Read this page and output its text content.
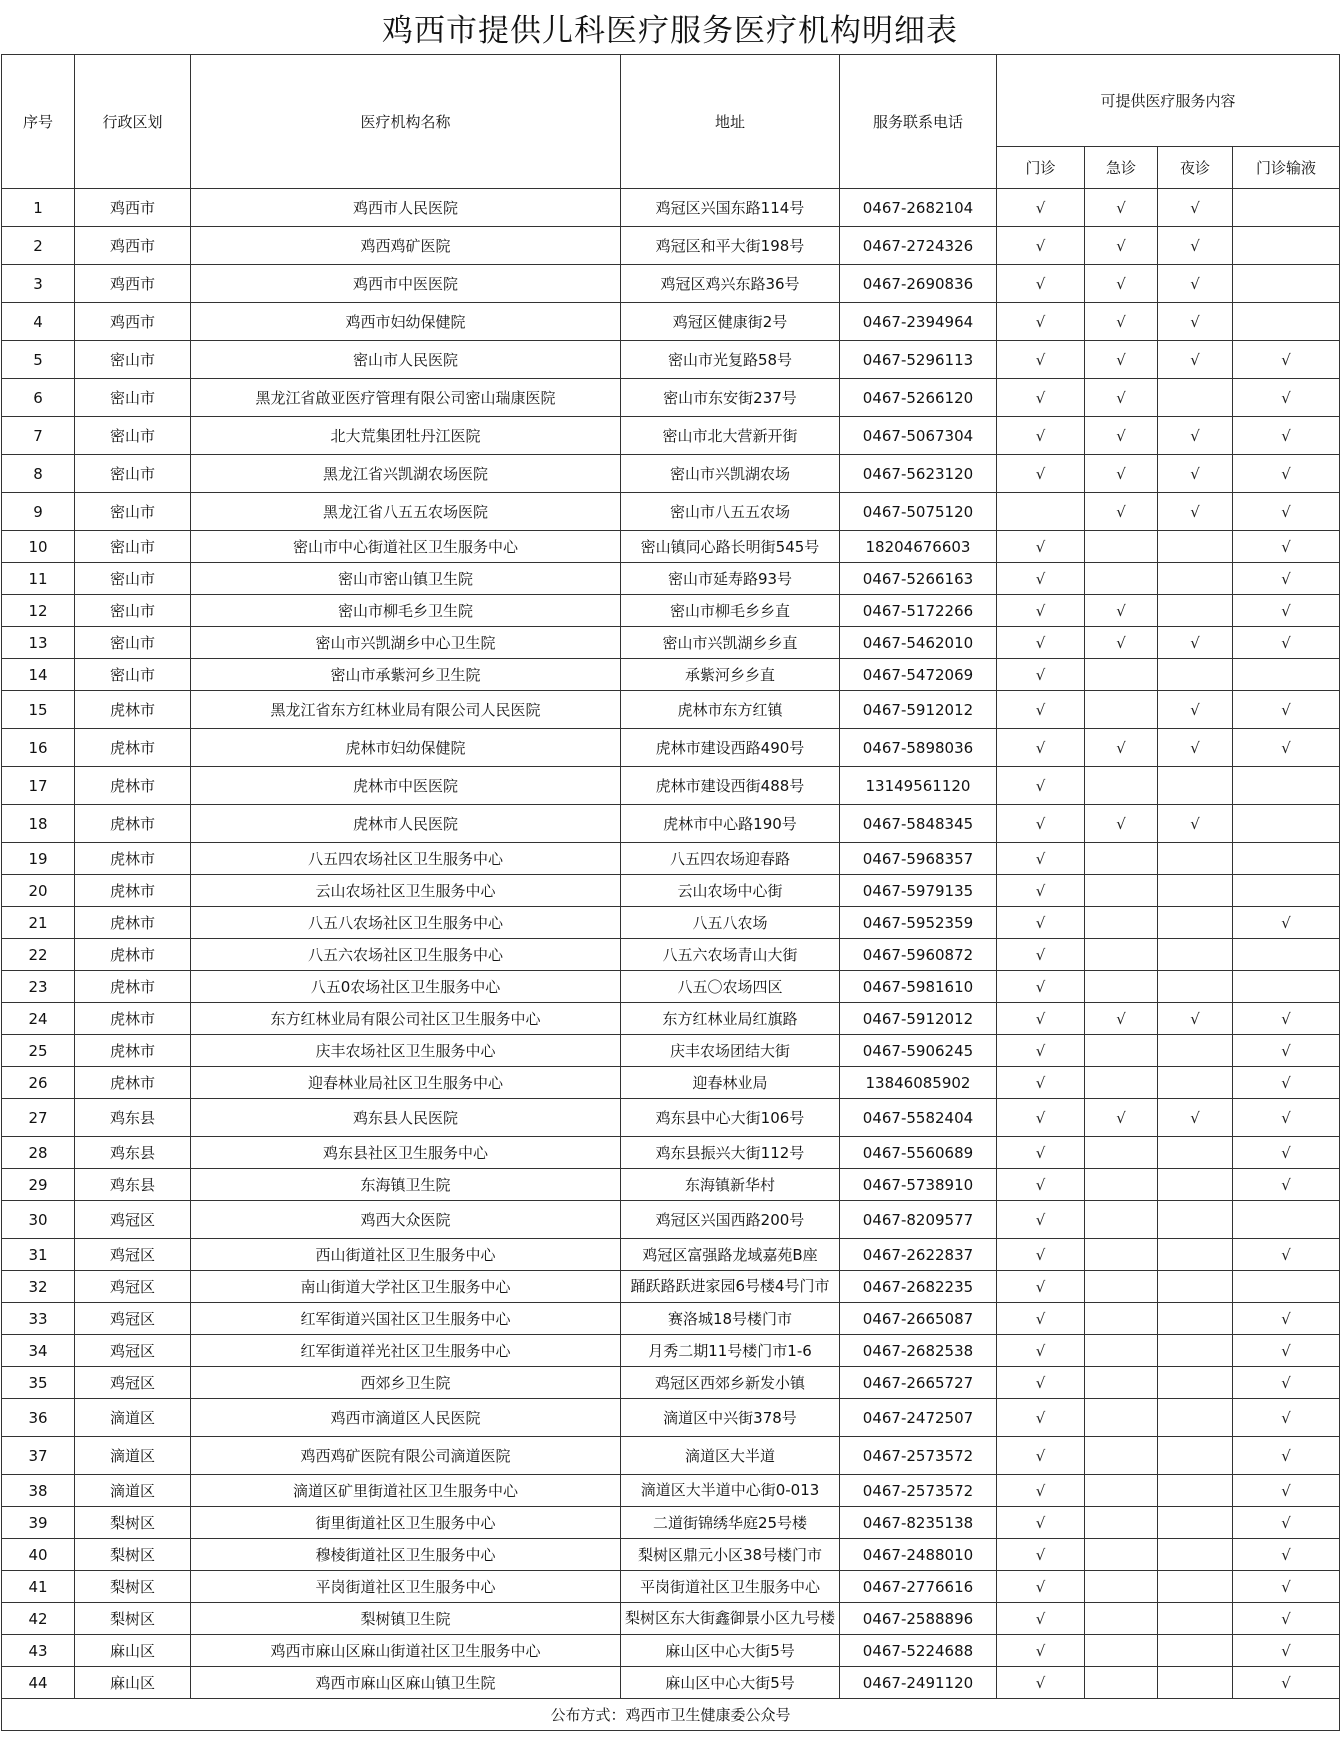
鸡西市提供儿科医疗服务医疗机构明细表
序号	行政区划	医疗机构名称	地址	服务联系电话	可提供医疗服务内容			
					门诊	急诊	夜诊	门诊输液
1	鸡西市	鸡西市人民医院	鸡冠区兴国东路114号	0467-2682104	√	√	√	
2	鸡西市	鸡西鸡矿医院	鸡冠区和平大街198号	0467-2724326	√	√	√	
3	鸡西市	鸡西市中医医院	鸡冠区鸡兴东路36号	0467-2690836	√	√	√	
4	鸡西市	鸡西市妇幼保健院	鸡冠区健康街2号	0467-2394964	√	√	√	
5	密山市	密山市人民医院	密山市光复路58号	0467-5296113	√	√	√	√
6	密山市	黑龙江省啟亚医疗管理有限公司密山瑞康医院	密山市东安街237号	0467-5266120	√	√		√
7	密山市	北大荒集团牡丹江医院	密山市北大营新开街	0467-5067304	√	√	√	√
8	密山市	黑龙江省兴凯湖农场医院	密山市兴凯湖农场	0467-5623120	√	√	√	√
9	密山市	黑龙江省八五五农场医院	密山市八五五农场	0467-5075120		√	√	√
10	密山市	密山市中心街道社区卫生服务中心	密山镇同心路长明街545号	18204676603	√			√
11	密山市	密山市密山镇卫生院	密山市延寿路93号	0467-5266163	√			√
12	密山市	密山市柳毛乡卫生院	密山市柳毛乡乡直	0467-5172266	√	√		√
13	密山市	密山市兴凯湖乡中心卫生院	密山市兴凯湖乡乡直	0467-5462010	√	√	√	√
14	密山市	密山市承紫河乡卫生院	承紫河乡乡直	0467-5472069	√			
15	虎林市	黑龙江省东方红林业局有限公司人民医院	虎林市东方红镇	0467-5912012	√		√	√
16	虎林市	虎林市妇幼保健院	虎林市建设西路490号	0467-5898036	√	√	√	√
17	虎林市	虎林市中医医院	虎林市建设西街488号	13149561120	√			
18	虎林市	虎林市人民医院	虎林市中心路190号	0467-5848345	√	√	√	
19	虎林市	八五四农场社区卫生服务中心	八五四农场迎春路	0467-5968357	√			
20	虎林市	云山农场社区卫生服务中心	云山农场中心街	0467-5979135	√			
21	虎林市	八五八农场社区卫生服务中心	八五八农场	0467-5952359	√			√
22	虎林市	八五六农场社区卫生服务中心	八五六农场青山大街	0467-5960872	√			
23	虎林市	八五0农场社区卫生服务中心	八五〇农场四区	0467-5981610	√			
24	虎林市	东方红林业局有限公司社区卫生服务中心	东方红林业局红旗路	0467-5912012	√	√	√	√
25	虎林市	庆丰农场社区卫生服务中心	庆丰农场团结大街	0467-5906245	√			√
26	虎林市	迎春林业局社区卫生服务中心	迎春林业局	13846085902	√			√
27	鸡东县	鸡东县人民医院	鸡东县中心大街106号	0467-5582404	√	√	√	√
28	鸡东县	鸡东县社区卫生服务中心	鸡东县振兴大街112号	0467-5560689	√			√
29	鸡东县	东海镇卫生院	东海镇新华村	0467-5738910	√			√
30	鸡冠区	鸡西大众医院	鸡冠区兴国西路200号	0467-8209577	√			
31	鸡冠区	西山街道社区卫生服务中心	鸡冠区富强路龙域嘉苑B座	0467-2622837	√			√
32	鸡冠区	南山街道大学社区卫生服务中心	踊跃路跃进家园6号楼4号门市	0467-2682235	√			
33	鸡冠区	红军街道兴国社区卫生服务中心	赛洛城18号楼门市	0467-2665087	√			√
34	鸡冠区	红军街道祥光社区卫生服务中心	月秀二期11号楼门市1-6	0467-2682538	√			√
35	鸡冠区	西郊乡卫生院	鸡冠区西郊乡新发小镇	0467-2665727	√			√
36	滴道区	鸡西市滴道区人民医院	滴道区中兴街378号	0467-2472507	√			√
37	滴道区	鸡西鸡矿医院有限公司滴道医院	滴道区大半道	0467-2573572	√			√
38	滴道区	滴道区矿里街道社区卫生服务中心	滴道区大半道中心街0-013	0467-2573572	√			√
39	梨树区	街里街道社区卫生服务中心	二道街锦绣华庭25号楼	0467-8235138	√			√
40	梨树区	穆棱街道社区卫生服务中心	梨树区鼎元小区38号楼门市	0467-2488010	√			√
41	梨树区	平岗街道社区卫生服务中心	平岗街道社区卫生服务中心	0467-2776616	√			√
42	梨树区	梨树镇卫生院	梨树区东大街鑫御景小区九号楼	0467-2588896	√			√
43	麻山区	鸡西市麻山区麻山街道社区卫生服务中心	麻山区中心大街5号	0467-5224688	√			√
44	麻山区	鸡西市麻山区麻山镇卫生院	麻山区中心大街5号	0467-2491120	√			√
公布方式：鸡西市卫生健康委公众号								
